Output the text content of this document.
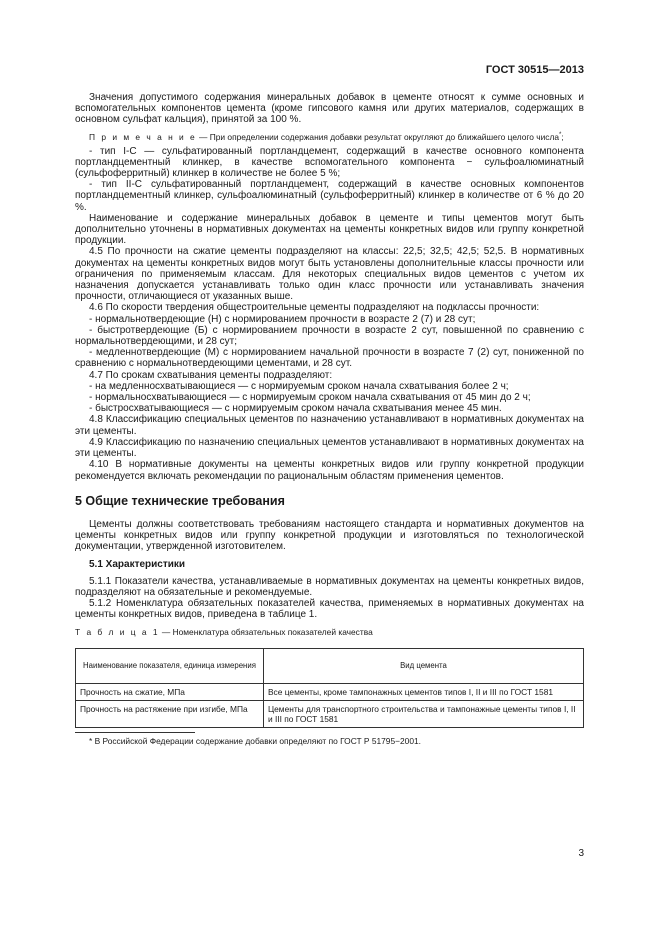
ГОСТ 30515—2013

Значения допустимого содержания минеральных добавок в цементе относят к сумме основных и вспомогательных компонентов цемента (кроме гипсового камня или других материалов, содержащих в основном сульфат кальция), принятой за 100 %.

П р и м е ч а н и е — При определении содержания добавки результат округляют до ближайшего целого числа*;

- тип I-С — сульфатированный портландцемент, содержащий в качестве основного компонента портландцементный клинкер, в качестве вспомогательного компонента − сульфоалюминатный (сульфоферритный) клинкер в количестве не более 5 %;

- тип II-С сульфатированный портландцемент, содержащий в качестве основных компонентов портландцементный клинкер, сульфоалюминатный (сульфоферритный) клинкер в количестве от 6 % до 20 %.

Наименование и содержание минеральных добавок в цементе и типы цементов могут быть дополнительно уточнены в нормативных документах на цементы конкретных видов или группу конкретной продукции.

4.5 По прочности на сжатие цементы подразделяют на классы: 22,5; 32,5; 42,5; 52,5. В нормативных документах на цементы конкретных видов могут быть установлены дополнительные классы прочности или ограничения по применяемым классам. Для некоторых специальных видов цементов с учетом их назначения допускается устанавливать только один класс прочности или устанавливать значения прочности, отличающиеся от указанных выше.

4.6 По скорости твердения общестроительные цементы подразделяют на подклассы прочности:

- нормальнотвердеющие (Н) с нормированием прочности в возрасте 2 (7) и 28 сут;

- быстротвердеющие (Б) с нормированием прочности в возрасте 2 сут, повышенной по сравнению с нормальнотвердеющими, и 28 сут;

- медленнотвердеющие (М) с нормированием начальной прочности в возрасте 7 (2) сут, пониженной по сравнению с нормальнотвердеющими цементами, и 28 сут.

4.7 По срокам схватывания цементы подразделяют:

- на медленносхватывающиеся — с нормируемым сроком начала схватывания более 2 ч;

- нормальносхватывающиеся — с нормируемым сроком начала схватывания от 45 мин до 2 ч;

- быстросхватывающиеся — с нормируемым сроком начала схватывания менее 45 мин.

4.8 Классификацию специальных цементов по назначению устанавливают в нормативных документах на эти цементы.

4.9 Классификацию по назначению специальных цементов устанавливают в нормативных документах на эти цементы.

4.10 В нормативные документы на цементы конкретных видов или группу конкретной продукции рекомендуется включать рекомендации по рациональным областям применения цементов.

5 Общие технические требования

Цементы должны соответствовать требованиям настоящего стандарта и нормативных документов на цементы конкретных видов или группу конкретной продукции и изготовляться по технологической документации, утвержденной изготовителем.

5.1 Характеристики

5.1.1 Показатели качества, устанавливаемые в нормативных документах на цементы конкретных видов, подразделяют на обязательные и рекомендуемые.

5.1.2 Номенклатура обязательных показателей качества, применяемых в нормативных документах на цементы конкретных видов, приведена в таблице 1.

Т а б л и ц а 1 — Номенклатура обязательных показателей качества
Наименование показателя, единица измерения	Вид цемента
Прочность на сжатие, МПа	Все цементы, кроме тампонажных цементов типов I, II и III по ГОСТ 1581
Прочность на растяжение при изгибе, МПа	Цементы для транспортного строительства и тампонажные цементы типов I, II и III по ГОСТ 1581
* В Российской Федерации содержание добавки определяют по ГОСТ Р 51795−2001.
3
